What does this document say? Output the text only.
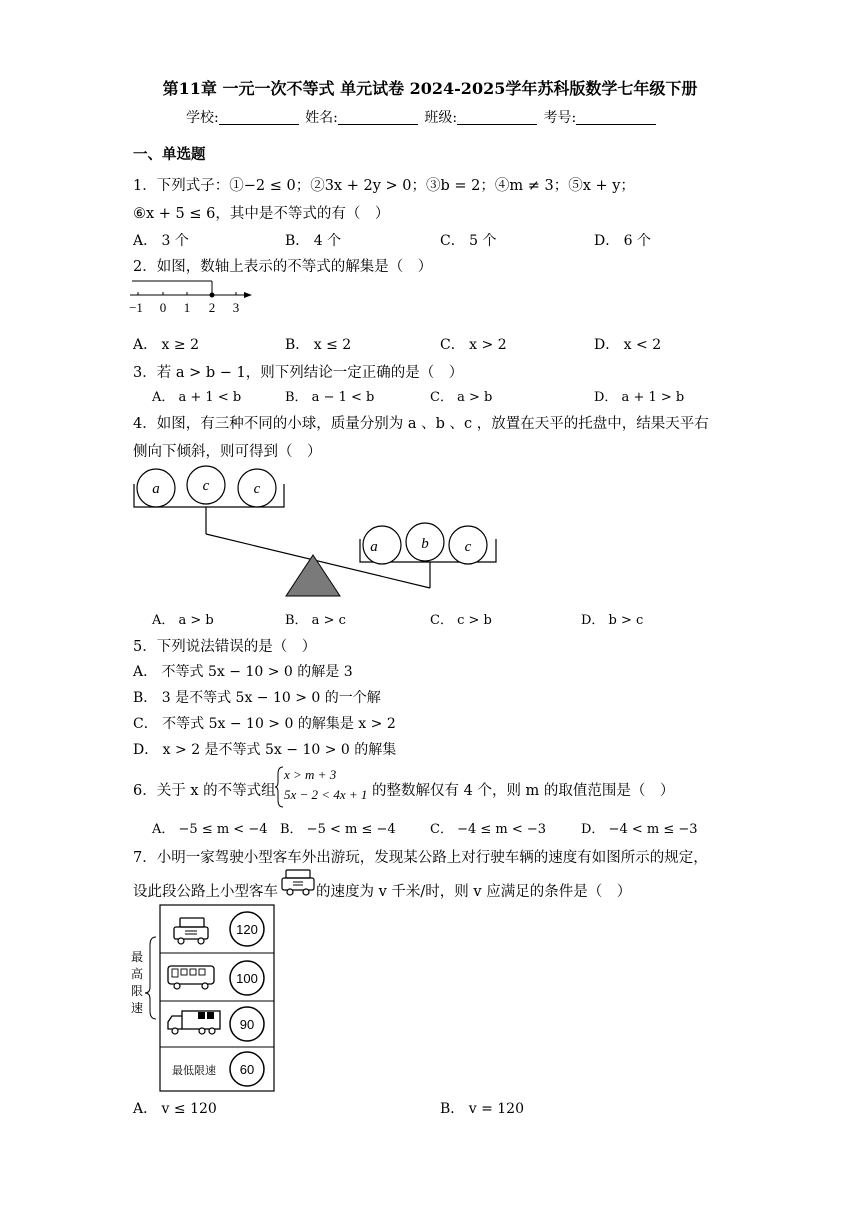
第11章 一元一次不等式 单元试卷 2024-2025学年苏科版数学七年级下册
学校:	姓名:	班级:	考号:
一、单选题
1．下列式子：①−2 ≤ 0；②3x + 2y > 0；③b = 2；④m ≠ 3；⑤x + y；
⑥x + 5 ≤ 6，其中是不等式的有（　）
A． 3 个	B． 4 个	C． 5 个	D． 6 个
2．如图，数轴上表示的不等式的解集是（　）
−1 0 1 2 3
A． x ≥ 2	B． x ≤ 2	C． x > 2	D． x < 2
3．若 a > b − 1，则下列结论一定正确的是（　）
A． a + 1 < b	B． a − 1 < b	C． a > b	D． a + 1 > b
4．如图，有三种不同的小球，质量分别为 a 、b 、c ，放置在天平的托盘中，结果天平右
侧向下倾斜，则可得到（　）
a	c	c
a	b c
A． a > b	B． a > c	C． c > b	D． b > c
5．下列说法错误的是（　）
A． 不等式 5x − 10 > 0 的解是 3
B． 3 是不等式 5x − 10 > 0 的一个解
C． 不等式 5x − 10 > 0 的解集是 x > 2
D． x > 2 是不等式 5x − 10 > 0 的解集
6．关于 x 的不等式组
x > m + 3
5x − 2 < 4x + 1 的整数解仅有 4 个，则 m 的取值范围是（　）
A． −5 ≤ m < −4 B． −5 < m ≤ −4	C． −4 ≤ m < −3	D． −4 < m ≤ −3
7．小明一家驾驶小型客车外出游玩，发现某公路上对行驶车辆的速度有如图所示的规定，
设此段公路上小型客车	的速度为 v 千米/时，则 v 应满足的条件是（　）
最
高
限
速
120
100
90
最低限速 60
A． v ≤ 120	B． v = 120
